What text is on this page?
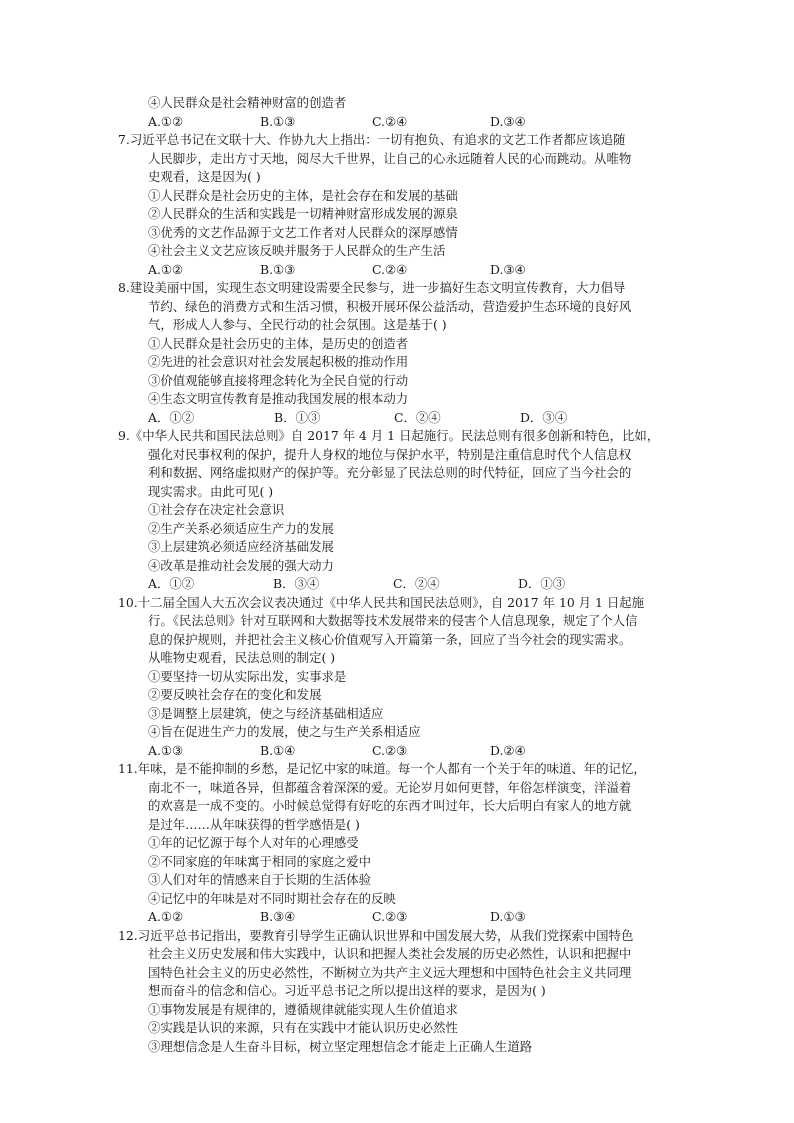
④人民群众是社会精神财富的创造者
A.①②	B.①③	C.②④	D.③④
7.习近平总书记在文联十大、作协九大上指出：一切有抱负、有追求的文艺工作者都应该追随
人民脚步，走出方寸天地，阅尽大千世界，让自己的心永远随着人民的心而跳动。从唯物
史观看，这是因为( )
①人民群众是社会历史的主体，是社会存在和发展的基础
②人民群众的生活和实践是一切精神财富形成发展的源泉
③优秀的文艺作品源于文艺工作者对人民群众的深厚感情
④社会主义文艺应该反映并服务于人民群众的生产生活
A.①②	B.①③	C.②④	D.③④
8.建设美丽中国，实现生态文明建设需要全民参与，进一步搞好生态文明宣传教育，大力倡导
节约、绿色的消费方式和生活习惯，积极开展环保公益活动，营造爱护生态环境的良好风
气，形成人人参与、全民行动的社会氛围。这是基于( )
①人民群众是社会历史的主体，是历史的创造者
②先进的社会意识对社会发展起积极的推动作用
③价值观能够直接将理念转化为全民自觉的行动
④生态文明宣传教育是推动我国发展的根本动力
A．①②	B．①③	C．②④	D．③④
9.《中华人民共和国民法总则》自 2017 年 4 月 1 日起施行。民法总则有很多创新和特色，比如，
强化对民事权利的保护，提升人身权的地位与保护水平，特别是注重信息时代个人信息权
利和数据、网络虚拟财产的保护等。充分彰显了民法总则的时代特征，回应了当今社会的
现实需求。由此可见( )
①社会存在决定社会意识
②生产关系必须适应生产力的发展
③上层建筑必须适应经济基础发展
④改革是推动社会发展的强大动力
A．①②	B．③④	C．②④	D．①③
10.十二届全国人大五次会议表决通过《中华人民共和国民法总则》，自 2017 年 10 月 1 日起施
行。《民法总则》针对互联网和大数据等技术发展带来的侵害个人信息现象，规定了个人信
息的保护规则，并把社会主义核心价值观写入开篇第一条，回应了当今社会的现实需求。
从唯物史观看，民法总则的制定( )
①要坚持一切从实际出发，实事求是
②要反映社会存在的变化和发展
③是调整上层建筑，使之与经济基础相适应
④旨在促进生产力的发展，使之与生产关系相适应
A.①③	B.①④	C.②③	D.②④
11.年味，是不能抑制的乡愁，是记忆中家的味道。每一个人都有一个关于年的味道、年的记忆，
南北不一，味道各异，但都蕴含着深深的爱。无论岁月如何更替，年俗怎样演变，洋溢着
的欢喜是一成不变的。小时候总觉得有好吃的东西才叫过年，长大后明白有家人的地方就
是过年……从年味获得的哲学感悟是( )
①年的记忆源于每个人对年的心理感受
②不同家庭的年味寓于相同的家庭之爱中
③人们对年的情感来自于长期的生活体验
④记忆中的年味是对不同时期社会存在的反映
A.①②	B.③④	C.②③	D.①③
12.习近平总书记指出，要教育引导学生正确认识世界和中国发展大势，从我们党探索中国特色
社会主义历史发展和伟大实践中，认识和把握人类社会发展的历史必然性，认识和把握中
国特色社会主义的历史必然性，不断树立为共产主义远大理想和中国特色社会主义共同理
想而奋斗的信念和信心。习近平总书记之所以提出这样的要求，是因为( )
①事物发展是有规律的，遵循规律就能实现人生价值追求
②实践是认识的来源，只有在实践中才能认识历史必然性
③理想信念是人生奋斗目标，树立坚定理想信念才能走上正确人生道路
